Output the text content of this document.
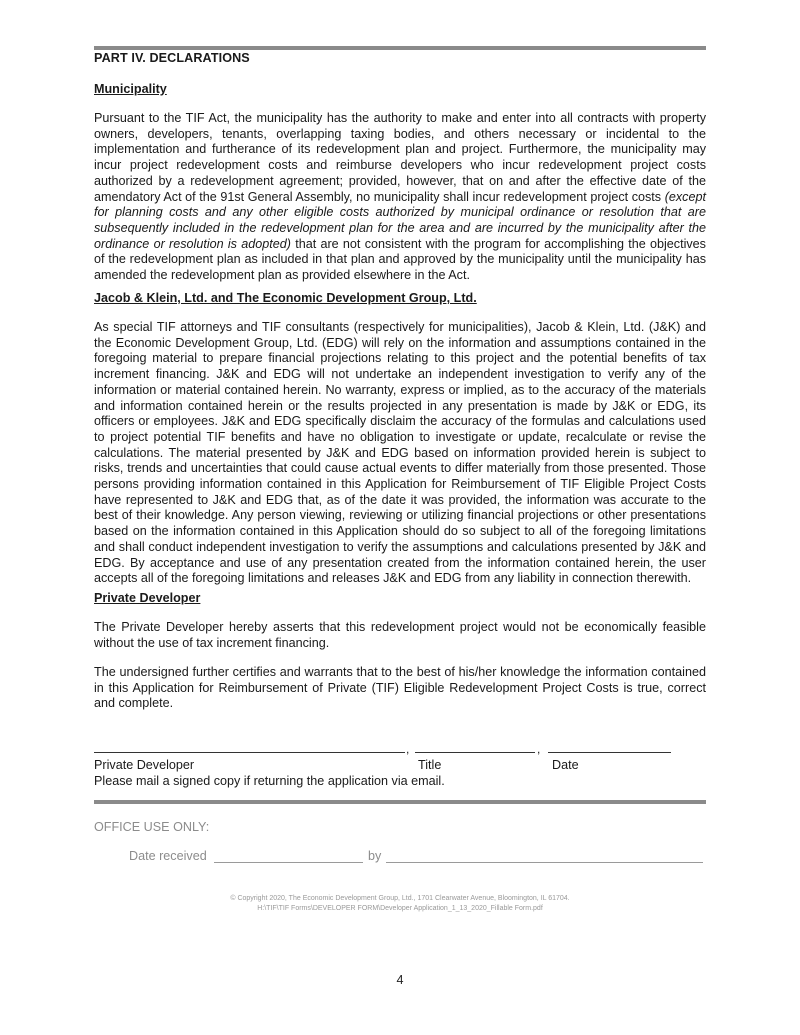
PART IV. DECLARATIONS
Municipality
Pursuant to the TIF Act, the municipality has the authority to make and enter into all contracts with property owners, developers, tenants, overlapping taxing bodies, and others necessary or incidental to the implementation and furtherance of its redevelopment plan and project. Furthermore, the municipality may incur project redevelopment costs and reimburse developers who incur redevelopment project costs authorized by a redevelopment agreement; provided, however, that on and after the effective date of the amendatory Act of the 91st General Assembly, no municipality shall incur redevelopment project costs (except for planning costs and any other eligible costs authorized by municipal ordinance or resolution that are subsequently included in the redevelopment plan for the area and are incurred by the municipality after the ordinance or resolution is adopted) that are not consistent with the program for accomplishing the objectives of the redevelopment plan as included in that plan and approved by the municipality until the municipality has amended the redevelopment plan as provided elsewhere in the Act.
Jacob & Klein, Ltd. and The Economic Development Group, Ltd.
As special TIF attorneys and TIF consultants (respectively for municipalities), Jacob & Klein, Ltd. (J&K) and the Economic Development Group, Ltd. (EDG) will rely on the information and assumptions contained in the foregoing material to prepare financial projections relating to this project and the potential benefits of tax increment financing. J&K and EDG will not undertake an independent investigation to verify any of the information or material contained herein. No warranty, express or implied, as to the accuracy of the materials and information contained herein or the results projected in any presentation is made by J&K or EDG, its officers or employees. J&K and EDG specifically disclaim the accuracy of the formulas and calculations used to project potential TIF benefits and have no obligation to investigate or update, recalculate or revise the calculations. The material presented by J&K and EDG based on information provided herein is subject to risks, trends and uncertainties that could cause actual events to differ materially from those presented. Those persons providing information contained in this Application for Reimbursement of TIF Eligible Project Costs have represented to J&K and EDG that, as of the date it was provided, the information was accurate to the best of their knowledge. Any person viewing, reviewing or utilizing financial projections or other presentations based on the information contained in this Application should do so subject to all of the foregoing limitations and shall conduct independent investigation to verify the assumptions and calculations presented by J&K and EDG. By acceptance and use of any presentation created from the information contained herein, the user accepts all of the foregoing limitations and releases J&K and EDG from any liability in connection therewith.
Private Developer
The Private Developer hereby asserts that this redevelopment project would not be economically feasible without the use of tax increment financing.
The undersigned further certifies and warrants that to the best of his/her knowledge the information contained in this Application for Reimbursement of Private (TIF) Eligible Redevelopment Project Costs is true, correct and complete.
,	,
Private Developer	Title	Date
Please mail a signed copy if returning the application via email.
OFFICE USE ONLY:
Date received	by
© Copyright 2020, The Economic Development Group, Ltd., 1701 Clearwater Avenue, Bloomington, IL 61704.
H:\TIF\TIF Forms\DEVELOPER FORM\Developer Application_1_13_2020_Fillable Form.pdf
4
